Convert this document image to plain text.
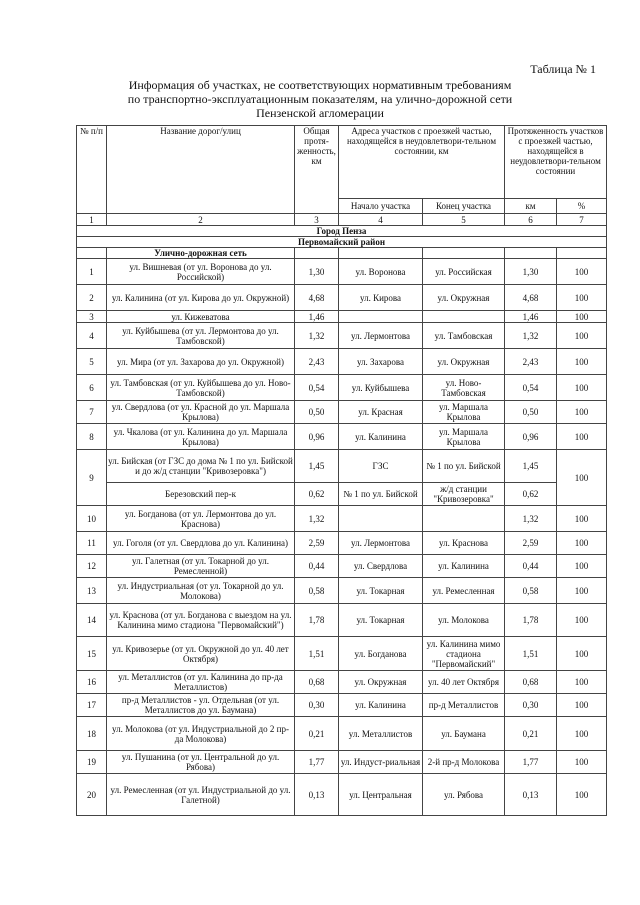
Таблица № 1
Информация об участках, не соответствующих нормативным требованиям
по транспортно-эксплуатационным показателям, на улично-дорожной сети
Пензенской агломерации
№ п/п	Название дорог/улиц	Общая протя-женность, км	Адреса участков с проезжей частью, находящейся в неудовлетвори-тельном состоянии, км		Протяженность участков с проезжей частью, находящейся в неудовлетвори-тельном состоянии	
			Начало участка	Конец участка	км	%
1	2	3	4	5	6	7
Город Пенза						
Первомайский район						
	Улично-дорожная сеть					
1	ул. Вишневая (от ул. Воронова до ул. Российской)	1,30	ул. Воронова	ул. Российская	1,30	100
2	ул. Калинина (от ул. Кирова до ул. Окружной)	4,68	ул. Кирова	ул. Окружная	4,68	100
3	ул. Кижеватова	1,46			1,46	100
4	ул. Куйбышева (от ул. Лермонтова до ул. Тамбовской)	1,32	ул. Лермонтова	ул. Тамбовская	1,32	100
5	ул. Мира (от ул. Захарова до ул. Окружной)	2,43	ул. Захарова	ул. Окружная	2,43	100
6	ул. Тамбовская (от ул. Куйбышева до ул. Ново-Тамбовской)	0,54	ул. Куйбышева	ул. Ново-Тамбовская	0,54	100
7	ул. Свердлова (от ул. Красной до ул. Маршала Крылова)	0,50	ул. Красная	ул. Маршала Крылова	0,50	100
8	ул. Чкалова (от ул. Калинина до ул. Маршала Крылова)	0,96	ул. Калинина	ул. Маршала Крылова	0,96	100
9	ул. Бийская (от ГЗС до дома № 1 по ул. Бийской и до ж/д станции "Кривозеровка")	1,45	ГЗС	№ 1 по ул. Бийской	1,45	100
	Березовский пер-к	0,62	№ 1 по ул. Бийской	ж/д станции "Кривозеровка"	0,62	
10	ул. Богданова (от ул. Лермонтова до ул. Краснова)	1,32			1,32	100
11	ул. Гоголя (от ул. Свердлова до ул. Калинина)	2,59	ул. Лермонтова	ул. Краснова	2,59	100
12	ул. Галетная (от ул. Токарной до ул. Ремесленной)	0,44	ул. Свердлова	ул. Калинина	0,44	100
13	ул. Индустриальная (от ул. Токарной до ул. Молокова)	0,58	ул. Токарная	ул. Ремесленная	0,58	100
14	ул. Краснова (от ул. Богданова с выездом на ул. Калинина мимо стадиона "Первомайский")	1,78	ул. Токарная	ул. Молокова	1,78	100
15	ул. Кривозерье (от ул. Окружной до ул. 40 лет Октября)	1,51	ул. Богданова	ул. Калинина мимо стадиона "Первомайский"	1,51	100
16	ул. Металлистов (от ул. Калинина до пр-да Металлистов)	0,68	ул. Окружная	ул. 40 лет Октября	0,68	100
17	пр-д Металлистов - ул. Отдельная (от ул. Металлистов до ул. Баумана)	0,30	ул. Калинина	пр-д Металлистов	0,30	100
18	ул. Молокова (от ул. Индустриальной до 2 пр-да Молокова)	0,21	ул. Металлистов	ул. Баумана	0,21	100
19	ул. Пушанина (от ул. Центральной до ул. Рябова)	1,77	ул. Индуст-риальная	2-й пр-д Молокова	1,77	100
20	ул. Ремесленная (от ул. Индустриальной до ул. Галетной)	0,13	ул. Центральная	ул. Рябова	0,13	100
